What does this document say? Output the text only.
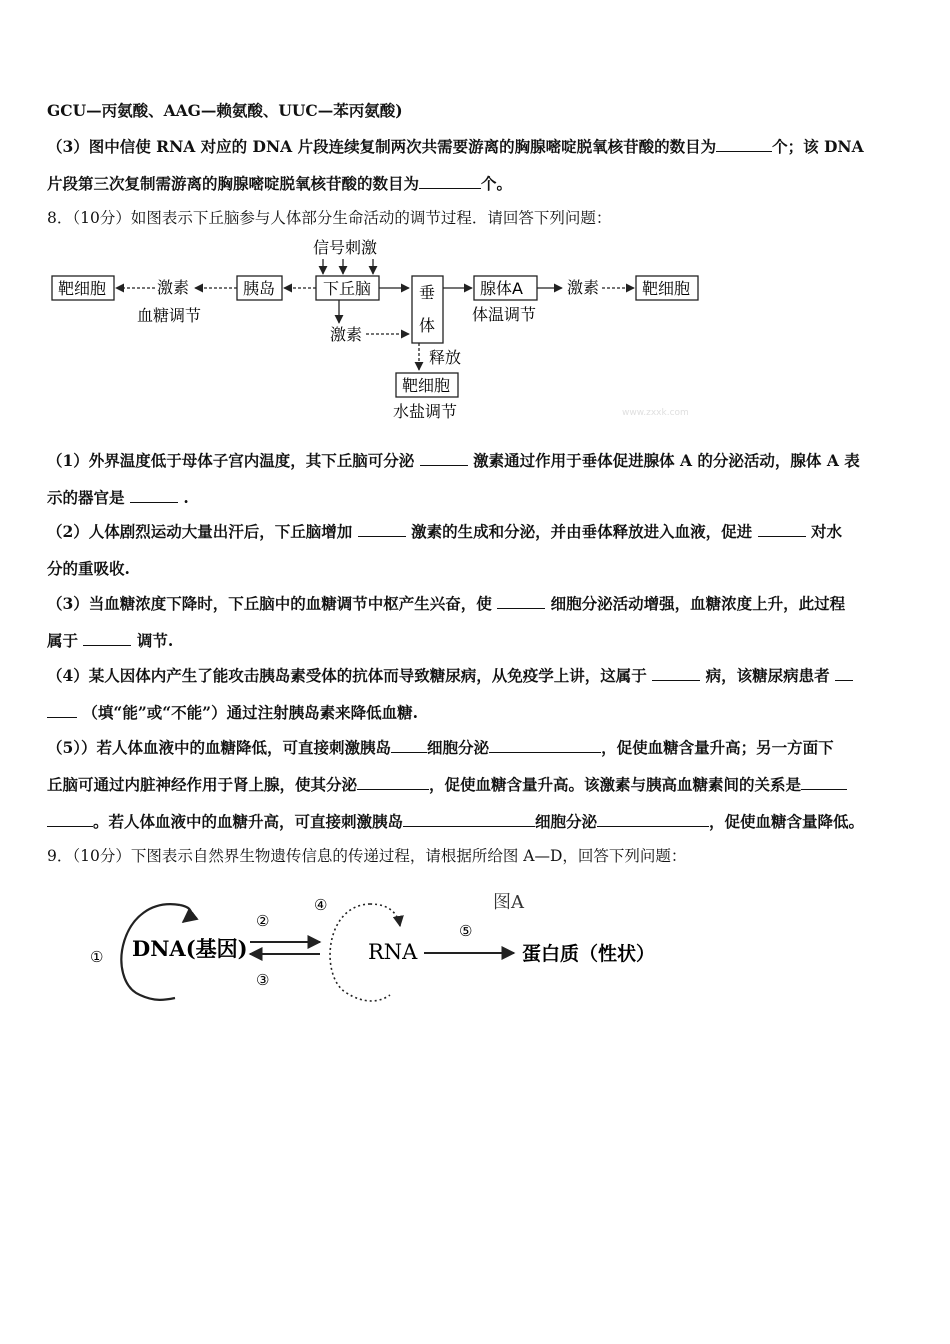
GCU—丙氨酸、AAG—赖氨酸、UUC—苯丙氨酸)
（3）图中信使 RNA 对应的 DNA 片段连续复制两次共需要游离的胸腺嘧啶脱氧核苷酸的数目为	个；该 DNA
片段第三次复制需游离的胸腺嘧啶脱氧核苷酸的数目为	个。
8．（10分）如图表示下丘脑参与人体部分生命活动的调节过程．请回答下列问题：
信号刺激
下丘脑
胰岛
激素
靶细胞
血糖调节
垂
体
激素
腺体A	激素	靶细胞
体温调节
释放
靶细胞
水盐调节	www.zxxk.com
（1）外界温度低于母体子宫内温度，其下丘脑可分泌	激素通过作用于垂体促进腺体 A 的分泌活动，腺体 A 表
示的器官是	.
（2）人体剧烈运动大量出汗后，下丘脑增加	激素的生成和分泌，并由垂体释放进入血液，促进	对水
分的重吸收.
（3）当血糖浓度下降时，下丘脑中的血糖调节中枢产生兴奋，使	细胞分泌活动增强，血糖浓度上升，此过程
属于	调节.
（4）某人因体内产生了能攻击胰岛素受体的抗体而导致糖尿病，从免疫学上讲，这属于	病，该糖尿病患者
（填“能”或“不能”）通过注射胰岛素来降低血糖.
（5））若人体血液中的血糖降低，可直接刺激胰岛 细胞分泌	，促使血糖含量升高；另一方面下
丘脑可通过内脏神经作用于肾上腺，使其分泌	，促使血糖含量升高。该激素与胰高血糖素间的关系是
。若人体血液中的血糖升高，可直接刺激胰岛	细胞分泌	，促使血糖含量降低。
9．（10分）下图表示自然界生物遗传信息的传递过程，请根据所给图 A—D，回答下列问题：
图A
① DNA(基因)
②
③
④
RNA
⑤
蛋白质（性状）
